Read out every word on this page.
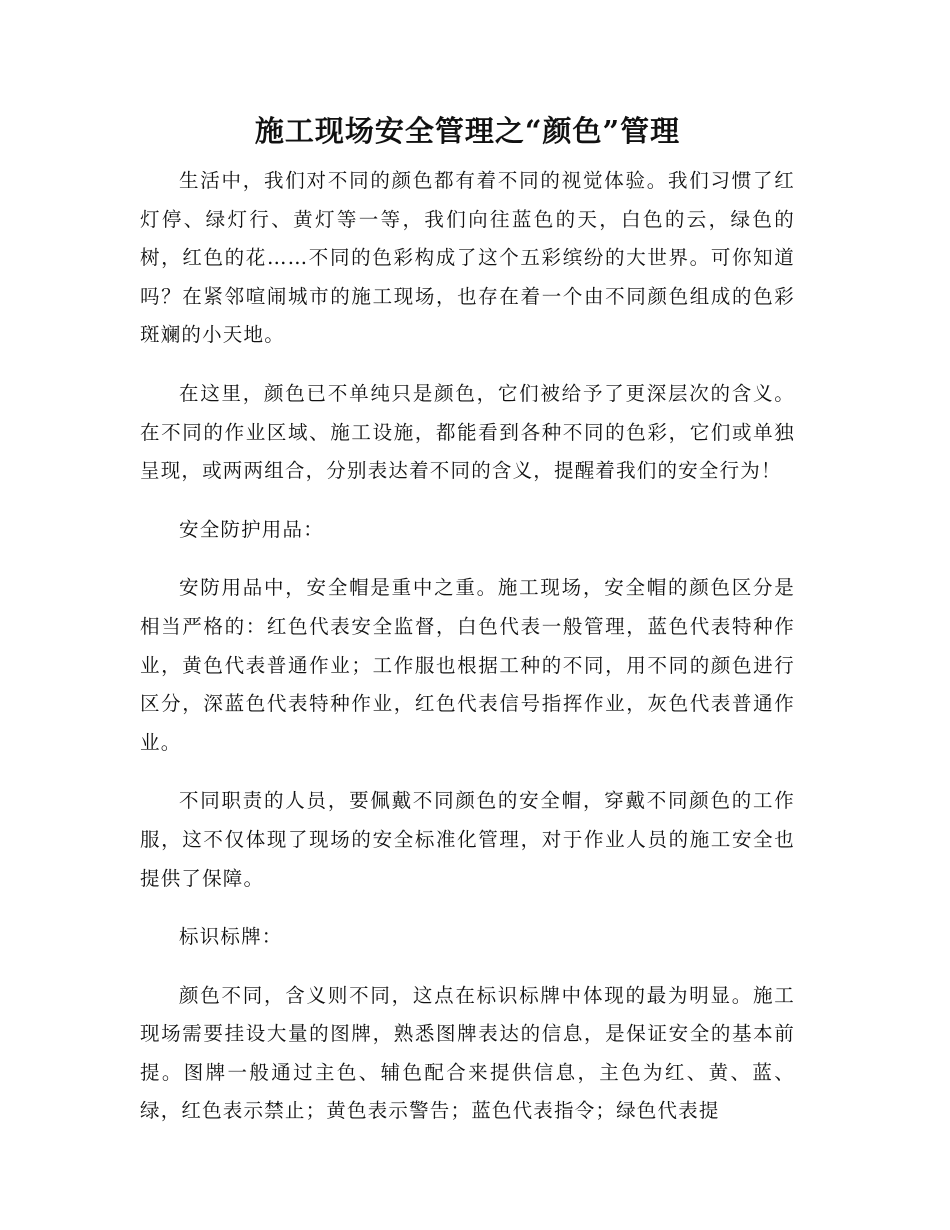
施工现场安全管理之“颜色”管理

生活中，我们对不同的颜色都有着不同的视觉体验。我们习惯了红灯停、绿灯行、黄灯等一等，我们向往蓝色的天，白色的云，绿色的树，红色的花……不同的色彩构成了这个五彩缤纷的大世界。可你知道吗？在紧邻喧闹城市的施工现场，也存在着一个由不同颜色组成的色彩斑斓的小天地。

在这里，颜色已不单纯只是颜色，它们被给予了更深层次的含义。在不同的作业区域、施工设施，都能看到各种不同的色彩，它们或单独呈现，或两两组合，分别表达着不同的含义，提醒着我们的安全行为！

安全防护用品：

安防用品中，安全帽是重中之重。施工现场，安全帽的颜色区分是相当严格的：红色代表安全监督，白色代表一般管理，蓝色代表特种作业，黄色代表普通作业；工作服也根据工种的不同，用不同的颜色进行区分，深蓝色代表特种作业，红色代表信号指挥作业，灰色代表普通作业。

不同职责的人员，要佩戴不同颜色的安全帽，穿戴不同颜色的工作服，这不仅体现了现场的安全标准化管理，对于作业人员的施工安全也提供了保障。

标识标牌：

颜色不同，含义则不同，这点在标识标牌中体现的最为明显。施工现场需要挂设大量的图牌，熟悉图牌表达的信息，是保证安全的基本前提。图牌一般通过主色、辅色配合来提供信息，主色为红、黄、蓝、绿，红色表示禁止；黄色表示警告；蓝色代表指令；绿色代表提
